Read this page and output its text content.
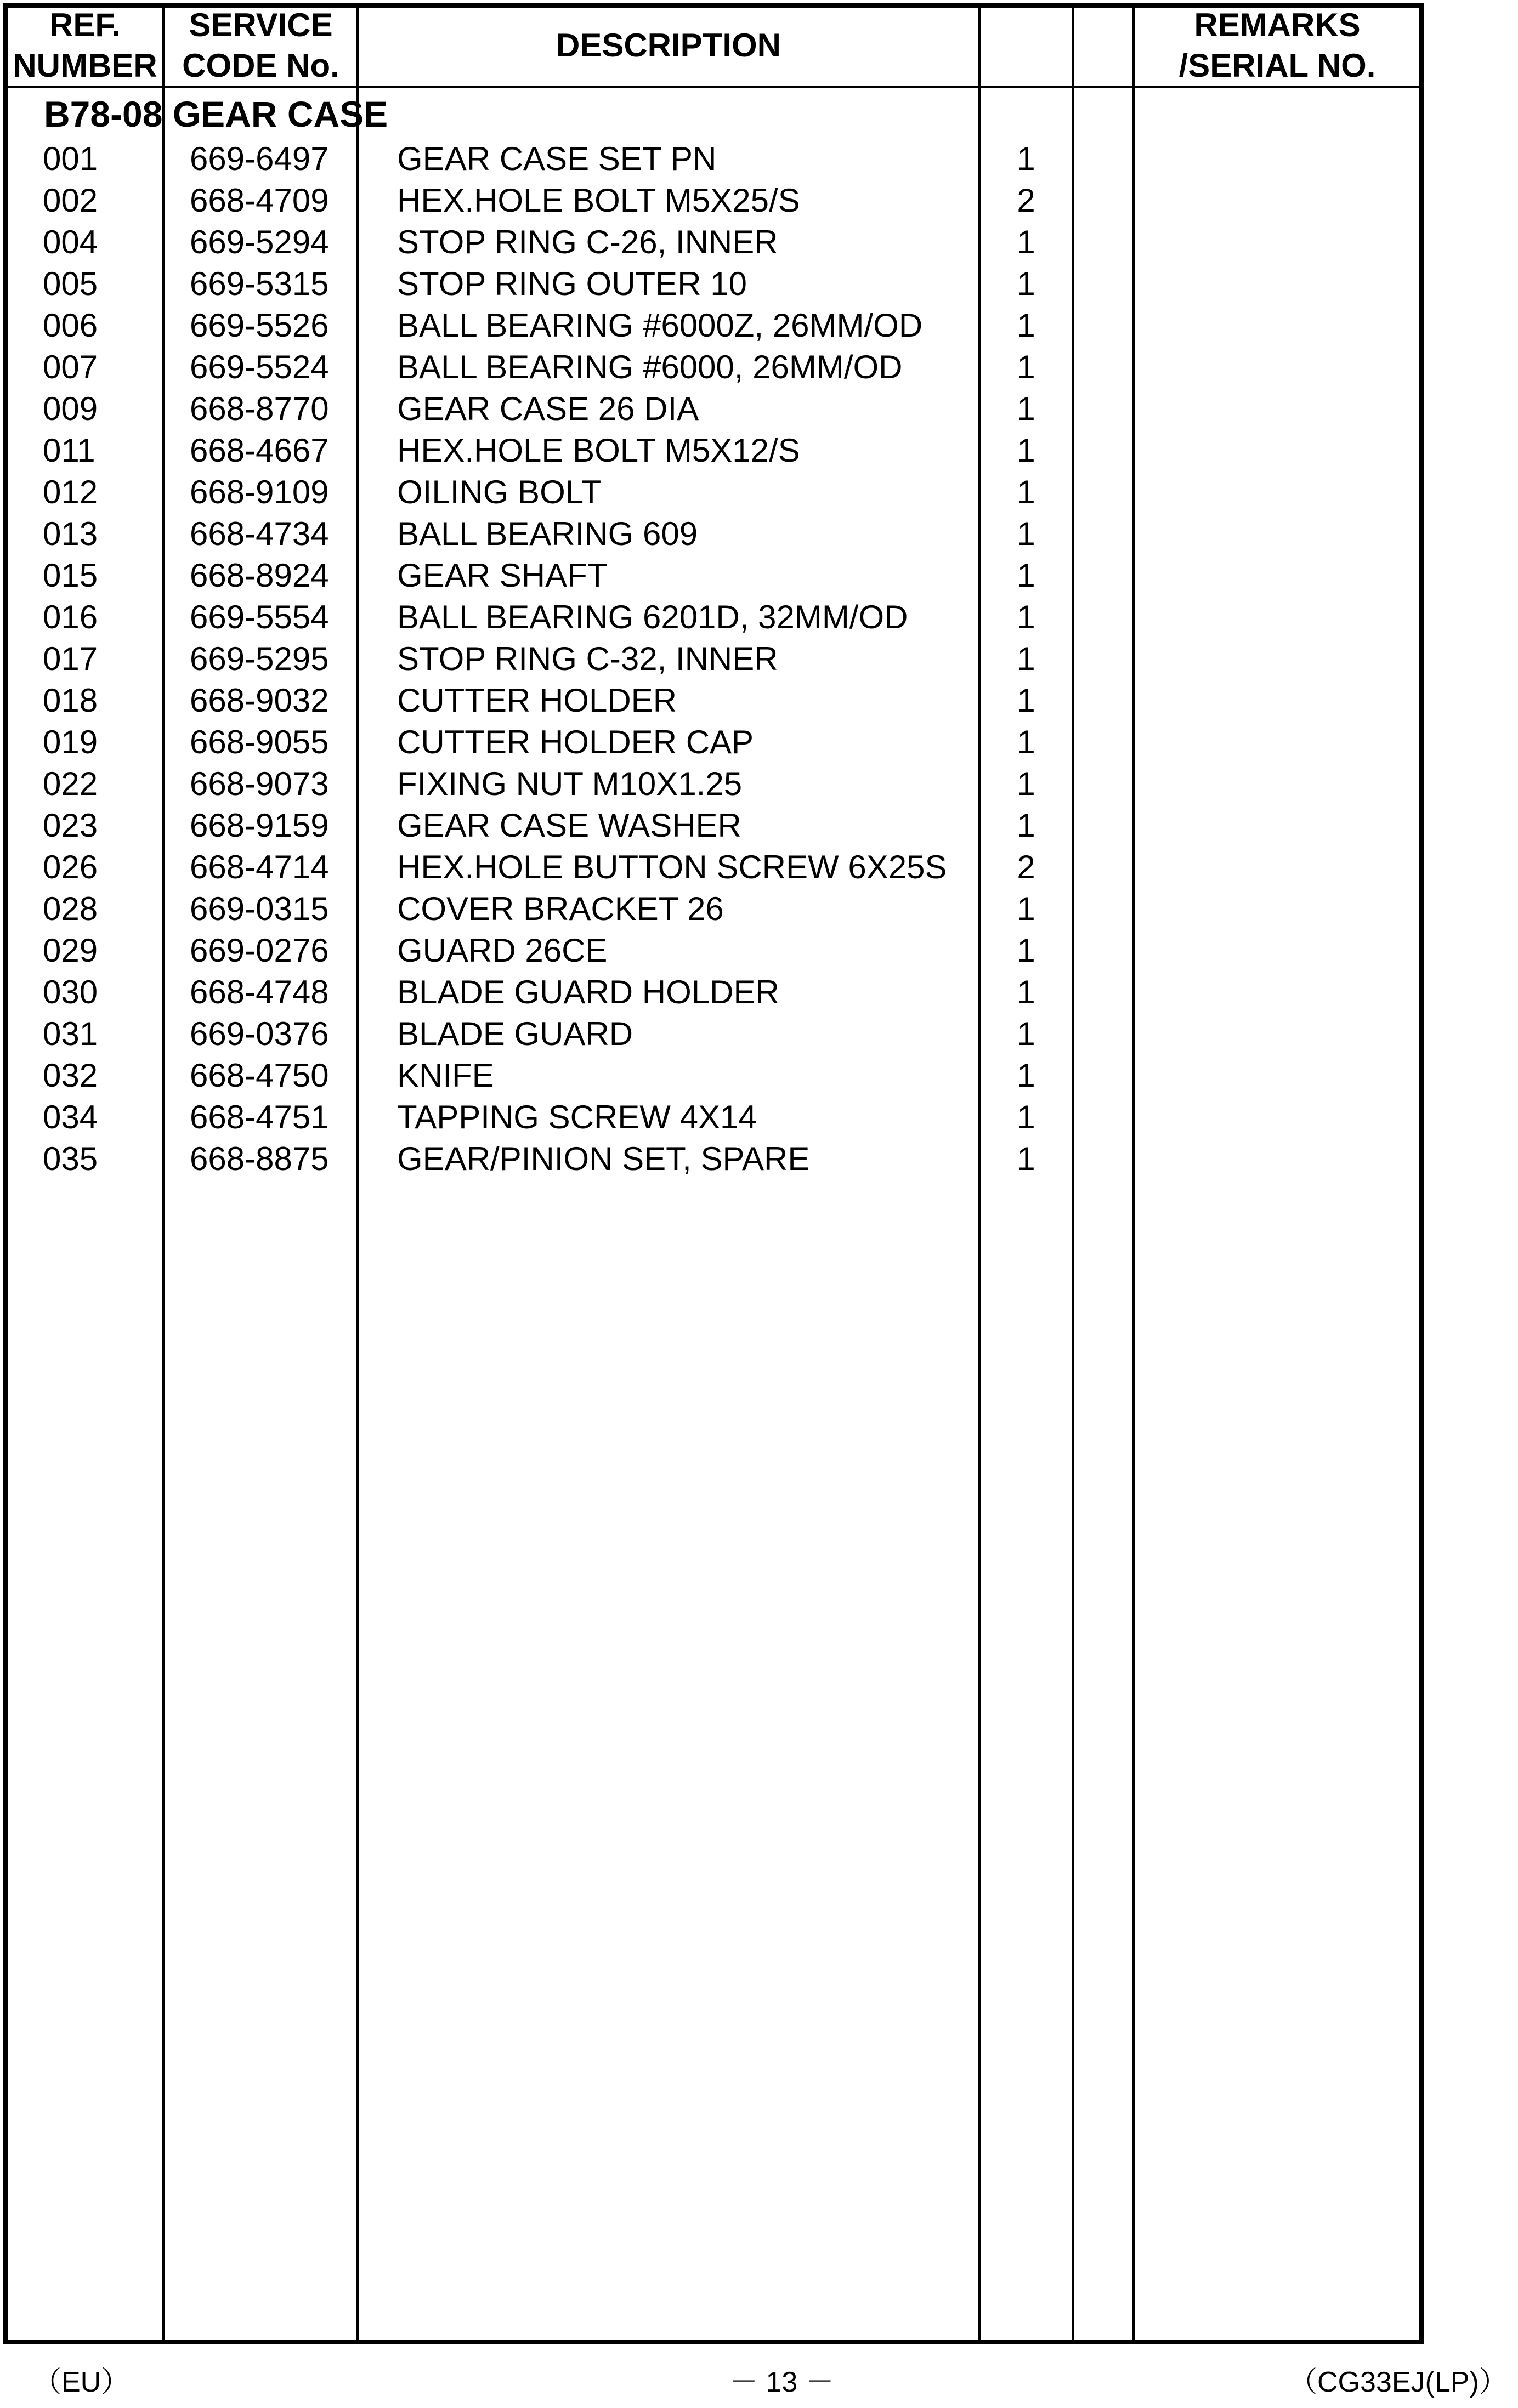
REF.
NUMBER
SERVICE
CODE No.
DESCRIPTION
REMARKS
/SERIAL NO.
B78-08 GEAR CASE
001	669-6497 GEAR CASE SET PN	1
002	668-4709 HEX.HOLE BOLT M5X25/S	2
004	669-5294 STOP RING C-26, INNER	1
005	669-5315 STOP RING OUTER 10	1
006	669-5526 BALL BEARING #6000Z, 26MM/OD	1
007	669-5524 BALL BEARING #6000, 26MM/OD	1
009	668-8770 GEAR CASE 26 DIA	1
011	668-4667 HEX.HOLE BOLT M5X12/S	1
012	668-9109 OILING BOLT	1
013	668-4734 BALL BEARING 609	1
015	668-8924 GEAR SHAFT	1
016	669-5554 BALL BEARING 6201D, 32MM/OD	1
017	669-5295 STOP RING C-32, INNER	1
018	668-9032 CUTTER HOLDER	1
019	668-9055 CUTTER HOLDER CAP	1
022	668-9073 FIXING NUT M10X1.25	1
023	668-9159 GEAR CASE WASHER	1
026	668-4714 HEX.HOLE BUTTON SCREW 6X25S	2
028	669-0315 COVER BRACKET 26	1
029	669-0276 GUARD 26CE	1
030	668-4748 BLADE GUARD HOLDER	1
031	669-0376 BLADE GUARD	1
032	668-4750 KNIFE	1
034	668-4751 TAPPING SCREW 4X14	1
035	668-8875 GEAR/PINION SET, SPARE	1
（EU）	－ 13 －	（CG33EJ(LP)）
